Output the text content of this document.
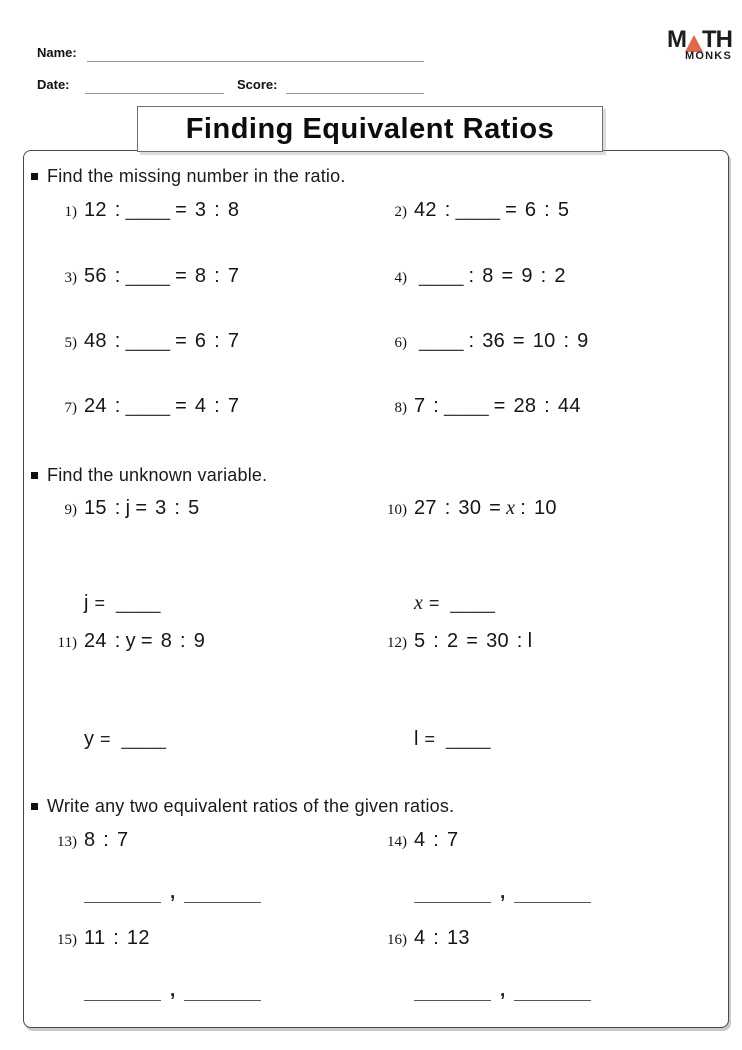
Name:
Date:	Score:
M TH
MONKS
Finding Equivalent Ratios
Find the missing number in the ratio.
1) 12 : ____ = 3 : 8	2) 42 : ____ = 6 : 5
3) 56 : ____ = 8 : 7	4) ____ : 8 = 9 : 2
5) 48 : ____ = 6 : 7	6) ____ : 36 = 10 : 9
7) 24 : ____ = 4 : 7	8) 7 : ____ = 28 : 44
Find the unknown variable.
9) 15 : j = 3 : 5	10) 27 : 30 = x : 10
j = ____	x = ____
11) 24 : y = 8 : 9	12) 5 : 2 = 30 : l
y = ____	l = ____
Write any two equivalent ratios of the given ratios.
13) 8 : 7	14) 4 : 7
,	,
15) 11 : 12	16) 4 : 13
,	,
